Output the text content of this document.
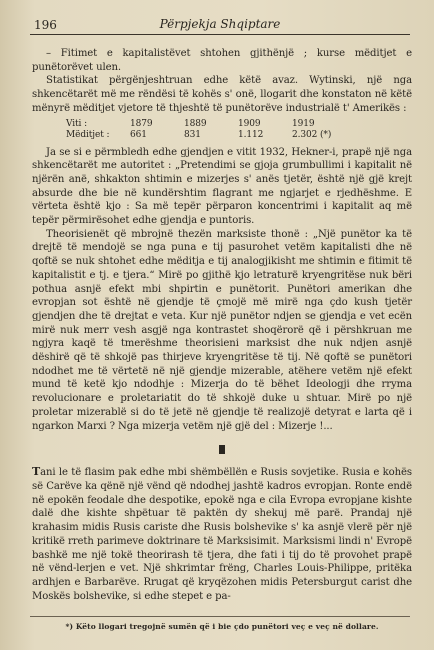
196	Përpjekja Shqiptare

– Fitimet e kapitalistëvet shtohen gjithënjë ; kurse mëditjet e punëtorëvet ulen.

Statistikat përgënjeshtruan edhe këtë avaz. Wytinski, një nga shkencëtarët më me rëndësi të kohës s' onë, llogarit dhe konstaton në këtë mënyrë mëditjet vjetore të thjeshtë të punëtorëve industrialë t' Amerikës :

Viti :	1879	1889	1909	1919
Mëditjet :	661	831	1.112	2.302 (*)

Ja se si e përmbledh edhe gjendjen e vitit 1932, Hekner-i, prapë një nga shkencëtarët me autoritet : „Pretendimi se gjoja grumbullimi i kapitalit në njërën anë, shkakton shtimin e mizerjes s' anës tjetër, është një gjë krejt absurde dhe bie në kundërshtim flagrant me ngjarjet e rjedhëshme. E vërteta është kjo : Sa më tepër përparon koncentrimi i kapitalit aq më tepër përmirësohet edhe gjendja e puntoris.

Theorisienët që mbrojnë thezën marksiste thonë : „Një punëtor ka të drejtë të mendojë se nga puna e tij pasurohet vetëm kapitalisti dhe në qoftë se nuk shtohet edhe mëditja e tij analogjikisht me shtimin e fitimit të kapitalistit e tj. e tjera.“ Mirë po gjithë kjo letraturë kryengritëse nuk bëri pothua asnjë efekt mbi shpirtin e punëtorit. Punëtori amerikan dhe evropjan sot është në gjendje të çmojë më mirë nga çdo kush tjetër gjendjen dhe të drejtat e veta. Kur një punëtor ndjen se gjendja e vet ecën mirë nuk merr vesh asgjë nga kontrastet shoqërorë që i përshkruan me ngjyra kaqë të tmerëshme theorisieni marksist dhe nuk ndjen asnjë dëshirë që të shkojë pas thirjeve kryengritëse të tij. Në qoftë se punëtori ndodhet me të vërtetë në një gjendje mizerable, atëhere vetëm një efekt mund të ketë kjo ndodhje : Mizerja do të bëhet Ideologji dhe rryma revolucionare e proletariatit do të shkojë duke u shtuar. Mirë po një proletar mizerablë si do të jetë në gjendje të realizojë detyrat e larta që i ngarkon Marxi ? Nga mizerja vetëm një gjë del : Mizerje !...

Tani le të flasim pak edhe mbi shëmbëllën e Rusis sovjetike. Rusia e kohës së Carëve ka qënë një vënd që ndodhej jashtë kadros evropjan. Ronte endë në epokën feodale dhe despotike, epokë nga e cila Evropa evropjane kishte dalë dhe kishte shpëtuar të paktën dy shekuj më parë. Prandaj një krahasim midis Rusis cariste dhe Rusis bolshevike s' ka asnjë vlerë për një kritikë rreth parimeve doktrinare të Marksisimit. Marksismi lindi n' Evropë bashkë me një tokë theorirash të tjera, dhe fati i tij do të provohet prapë në vënd-lerjen e vet. Një shkrimtar frëng, Charles Louis-Philippe, pritëka ardhjen e Barbarëve. Rrugat që kryqëzohen midis Petersburgut carist dhe Moskës bolshevike, si edhe stepet e pa-

*) Këto llogari tregojnë sumën që i bie çdo punëtori veç e veç në dollare.
